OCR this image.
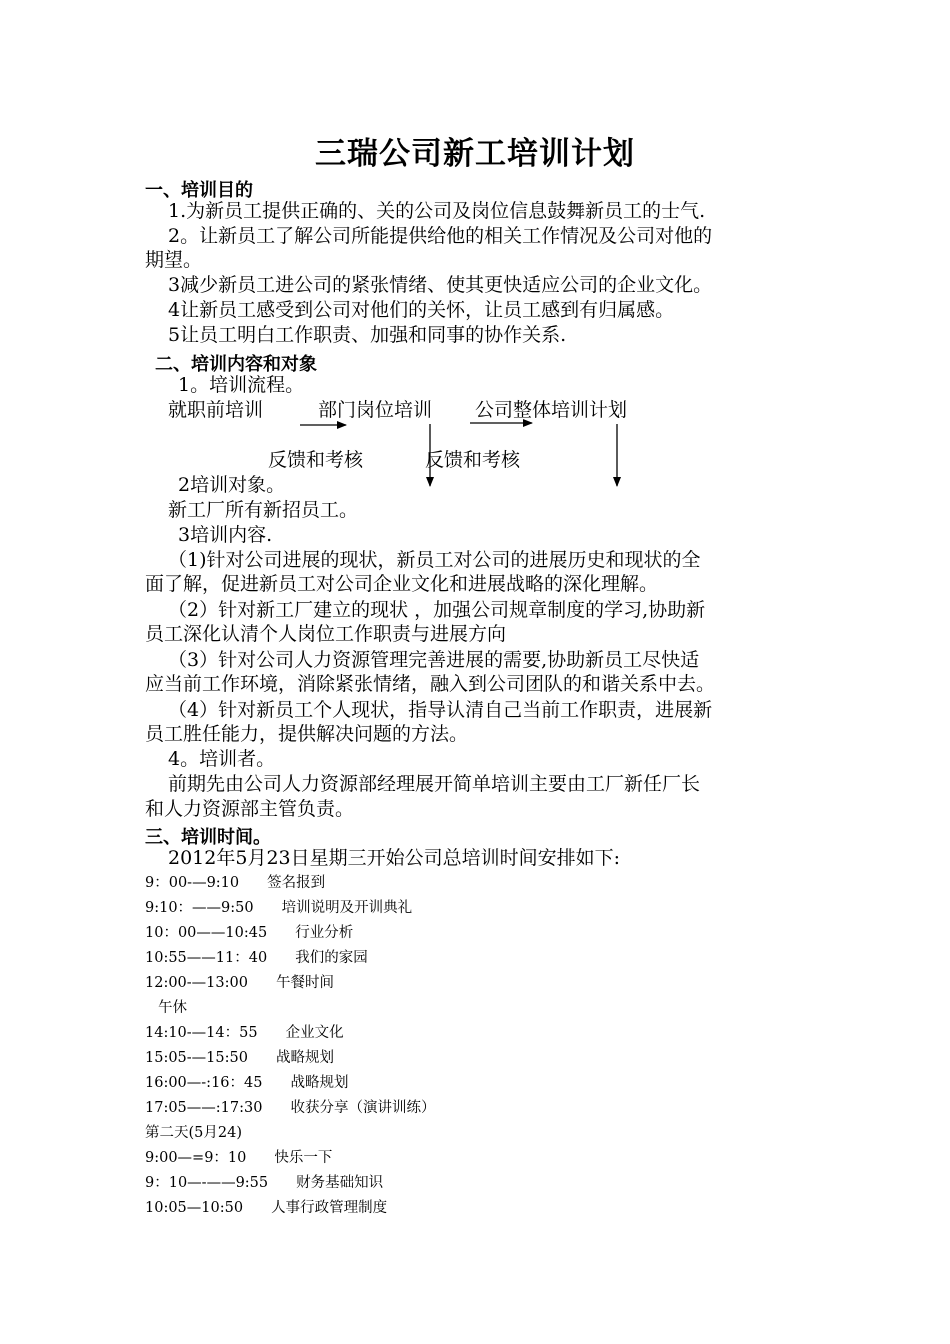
三瑞公司新工培训计划
一、培训目的
1.为新员工提供正确的、关的公司及岗位信息鼓舞新员工的士气.
2。让新员工了解公司所能提供给他的相关工作情况及公司对他的
期望。
3减少新员工进公司的紧张情绪、使其更快适应公司的企业文化。
4让新员工感受到公司对他们的关怀，让员工感到有归属感。
5让员工明白工作职责、加强和同事的协作关系.
二、培训内容和对象
1。培训流程。
就职前培训	部门岗位培训 公司整体培训计划
反馈和考核	反馈和考核
2培训对象。
新工厂所有新招员工。
3培训内容.
（1)针对公司进展的现状，新员工对公司的进展历史和现状的全
面了解，促进新员工对公司企业文化和进展战略的深化理解。
（2）针对新工厂建立的现状 ，加强公司规章制度的学习,协助新
员工深化认清个人岗位工作职责与进展方向
（3）针对公司人力资源管理完善进展的需要,协助新员工尽快适
应当前工作环境，消除紧张情绪，融入到公司团队的和谐关系中去。
（4）针对新员工个人现状，指导认清自己当前工作职责，进展新
员工胜任能力，提供解决问题的方法。
4。培训者。
前期先由公司人力资源部经理展开简单培训主要由工厂新任厂长
和人力资源部主管负责。
三、培训时间。
2012年5月23日星期三开始公司总培训时间安排如下:
9：00-—9:10 签名报到
9:10：——9:50 培训说明及开训典礼
10：00——10:45 行业分析
10:55——11：40 我们的家园
12:00-—13:00 午餐时间
午休
14:10-—14：55 企业文化
15:05-—15:50 战略规划
16:00—-:16：45 战略规划
17:05——:17:30 收获分享（演讲训练）
第二天(5月24)
9:00—=9：10 快乐一下
9：10—-——9:55 财务基础知识
10:05—10:50 人事行政管理制度
